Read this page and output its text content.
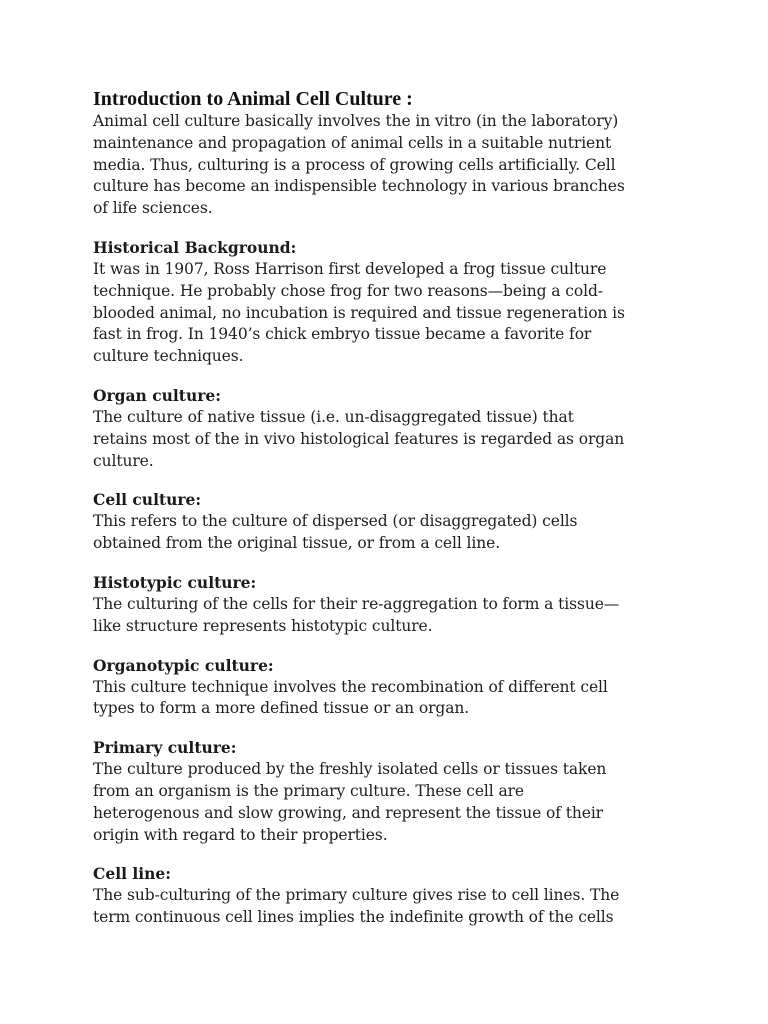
Introduction to Animal Cell Culture :

Animal cell culture basically involves the in vitro (in the laboratory)
maintenance and propagation of animal cells in a suitable nutrient
media. Thus, culturing is a process of growing cells artificially. Cell
culture has become an indispensible technology in various branches
of life sciences.

Historical Background:

It was in 1907, Ross Harrison first developed a frog tissue culture
technique. He probably chose frog for two reasons—being a cold-
blooded animal, no incubation is required and tissue regeneration is
fast in frog. In 1940’s chick embryo tissue became a favorite for
culture techniques.

Organ culture:

The culture of native tissue (i.e. un-disaggregated tissue) that
retains most of the in vivo histological features is regarded as organ
culture.

Cell culture:

This refers to the culture of dispersed (or disaggregated) cells
obtained from the original tissue, or from a cell line.

Histotypic culture:

The culturing of the cells for their re-aggregation to form a tissue—
like structure represents histotypic culture.

Organotypic culture:

This culture technique involves the recombination of different cell
types to form a more defined tissue or an organ.

Primary culture:

The culture produced by the freshly isolated cells or tissues taken
from an organism is the primary culture. These cell are
heterogenous and slow growing, and represent the tissue of their
origin with regard to their properties.

Cell line:

The sub-culturing of the primary culture gives rise to cell lines. The
term continuous cell lines implies the indefinite growth of the cells
